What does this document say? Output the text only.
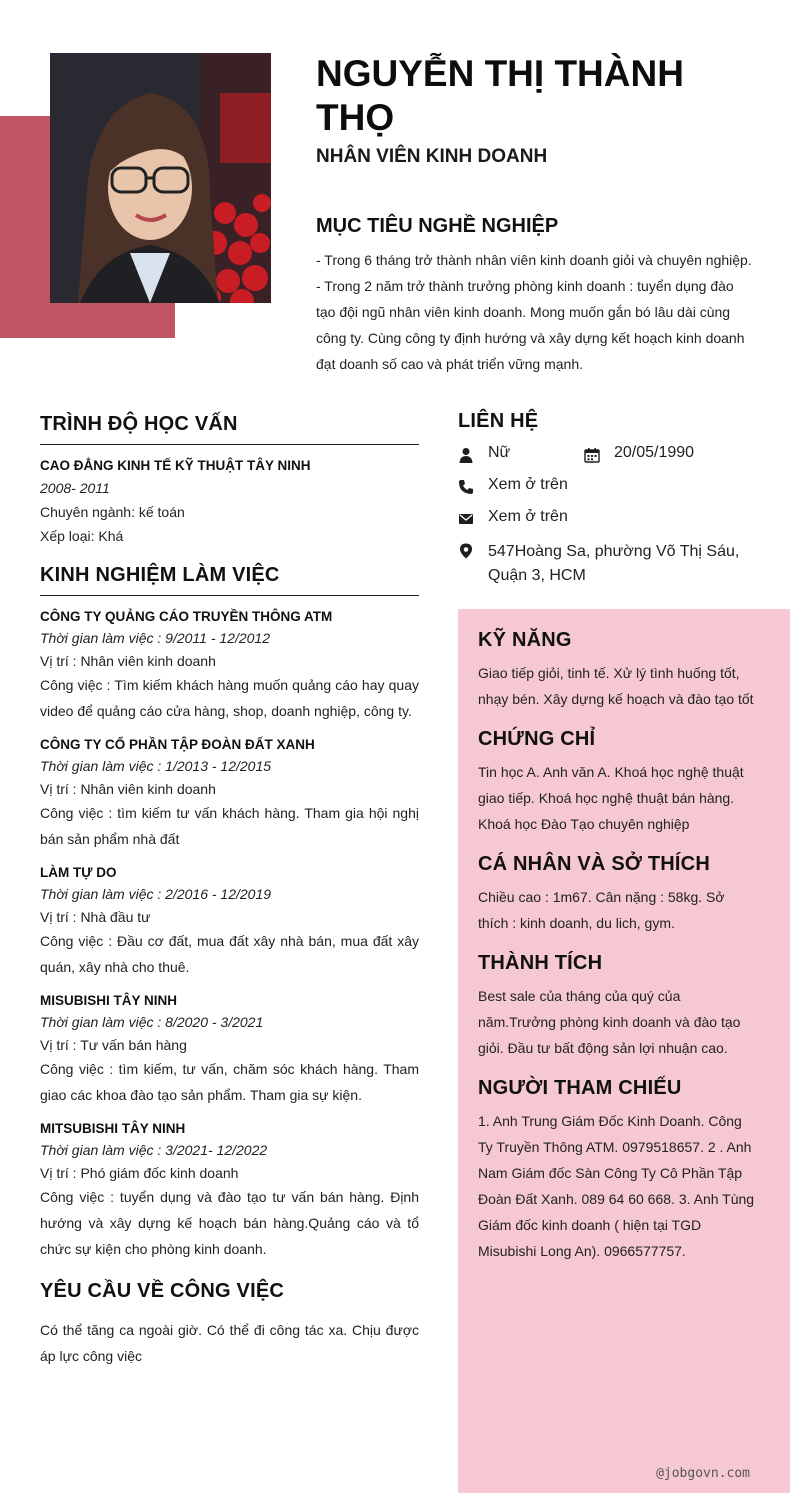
NGUYỄN THỊ THÀNH THỌ
NHÂN VIÊN KINH DOANH
MỤC TIÊU NGHỀ NGHIỆP

- Trong 6 tháng trở thành nhân viên kinh doanh giỏi và chuyên nghiệp.

- Trong 2 năm trở thành trưởng phòng kinh doanh : tuyển dụng đào tạo đội ngũ nhân viên kinh doanh. Mong muốn gắn bó lâu dài cùng công ty. Cùng công ty định hướng và xây dựng kết hoạch kinh doanh đạt doanh số cao và phát triển vững mạnh.

TRÌNH ĐỘ HỌC VẤN
CAO ĐẲNG KINH TẾ KỸ THUẬT TÂY NINH
2008- 2011
Chuyên ngành: kế toán
Xếp loại: Khá
KINH NGHIỆM LÀM VIỆC
CÔNG TY QUẢNG CÁO TRUYỀN THÔNG ATM
Thời gian làm việc : 9/2011 - 12/2012
Vị trí : Nhân viên kinh doanh
Công việc : Tìm kiếm khách hàng muốn quảng cáo hay quay video để quảng cáo cửa hàng, shop, doanh nghiệp, công ty.
CÔNG TY CỔ PHẦN TẬP ĐOÀN ĐẤT XANH
Thời gian làm việc : 1/2013 - 12/2015
Vị trí : Nhân viên kinh doanh
Công việc : tìm kiếm tư vấn khách hàng. Tham gia hội nghị bán sản phẩm nhà đất
LÀM TỰ DO
Thời gian làm việc : 2/2016 - 12/2019
Vị trí : Nhà đầu tư
Công việc : Đầu cơ đất, mua đất xây nhà bán, mua đất xây quán, xây nhà cho thuê.
MISUBISHI TÂY NINH
Thời gian làm việc : 8/2020 - 3/2021
Vị trí : Tư vấn bán hàng
Công việc : tìm kiếm, tư vấn, chăm sóc khách hàng. Tham giao các khoa đào tạo sản phẩm. Tham gia sự kiện.
MITSUBISHI TÂY NINH
Thời gian làm việc : 3/2021- 12/2022
Vị trí : Phó giám đốc kinh doanh
Công việc : tuyển dụng và đào tạo tư vấn bán hàng. Định hướng và xây dựng kế hoạch bán hàng.Quảng cáo và tổ chức sự kiện cho phòng kinh doanh.
YÊU CẦU VỀ CÔNG VIỆC
Có thể tăng ca ngoài giờ. Có thể đi công tác xa. Chịu được áp lực công việc
LIÊN HỆ
Nữ	20/05/1990
Xem ở trên
Xem ở trên
547Hoàng Sa, phường Võ Thị Sáu, Quận 3, HCM
KỸ NĂNG
Giao tiếp giỏi, tinh tế. Xử lý tình huống tốt, nhạy bén. Xây dựng kế hoạch và đào tạo tốt
CHỨNG CHỈ
Tin học A. Anh văn A. Khoá học nghệ thuật giao tiếp. Khoá học nghệ thuật bán hàng. Khoá học Đào Tạo chuyên nghiệp
CÁ NHÂN VÀ SỞ THÍCH
Chiều cao : 1m67. Cân nặng : 58kg. Sở thích : kinh doanh, du lich, gym.
THÀNH TÍCH
Best sale của tháng của quý của năm.Trưởng phòng kinh doanh và đào tạo giỏi. Đầu tư bất động sản lợi nhuận cao.
NGƯỜI THAM CHIẾU
1. Anh Trung Giám Đốc Kinh Doanh. Công Ty Truyền Thông ATM. 0979518657. 2 . Anh Nam Giám đốc Sàn Công Ty Cô Phần Tập Đoàn Đất Xanh. 089 64 60 668. 3. Anh Tùng Giám đốc kinh doanh ( hiện tại TGD Misubishi Long An). 0966577757.
@jobgovn.com
